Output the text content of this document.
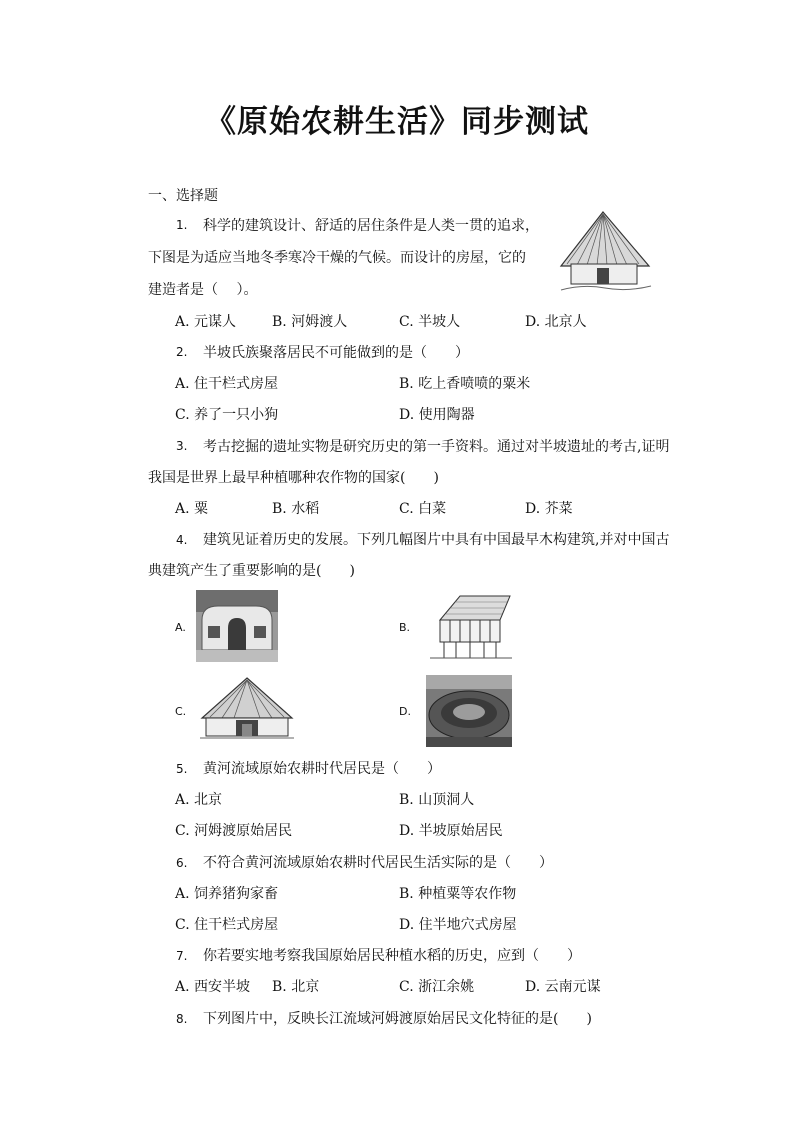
《原始农耕生活》同步测试
一、选择题
1. 科学的建筑设计、舒适的居住条件是人类一贯的追求，
下图是为适应当地冬季寒冷干燥的气候。而设计的房屋，它的
建造者是（　 ）。
A. 元谋人	B. 河姆渡人	C. 半坡人	D. 北京人
2. 半坡氏族聚落居民不可能做到的是（　　）
A. 住干栏式房屋	B. 吃上香喷喷的粟米
C. 养了一只小狗	D. 使用陶器
3. 考古挖掘的遗址实物是研究历史的第一手资料。通过对半坡遗址的考古,证明
我国是世界上最早种植哪种农作物的国家(　　)
A. 粟	B. 水稻	C. 白菜	D. 芥菜
4. 建筑见证着历史的发展。下列几幅图片中具有中国最早木构建筑,并对中国古
典建筑产生了重要影响的是(　　)
A.	B.
C.	D.
5. 黄河流域原始农耕时代居民是（　　）
A. 北京	B. 山顶洞人
C. 河姆渡原始居民	D. 半坡原始居民
6. 不符合黄河流域原始农耕时代居民生活实际的是（　　）
A. 饲养猪狗家畜	B. 种植粟等农作物
C. 住干栏式房屋	D. 住半地穴式房屋
7. 你若要实地考察我国原始居民种植水稻的历史，应到（　　）
A. 西安半坡 B. 北京	C. 浙江余姚	D. 云南元谋
8. 下列图片中，反映长江流域河姆渡原始居民文化特征的是(　　)
